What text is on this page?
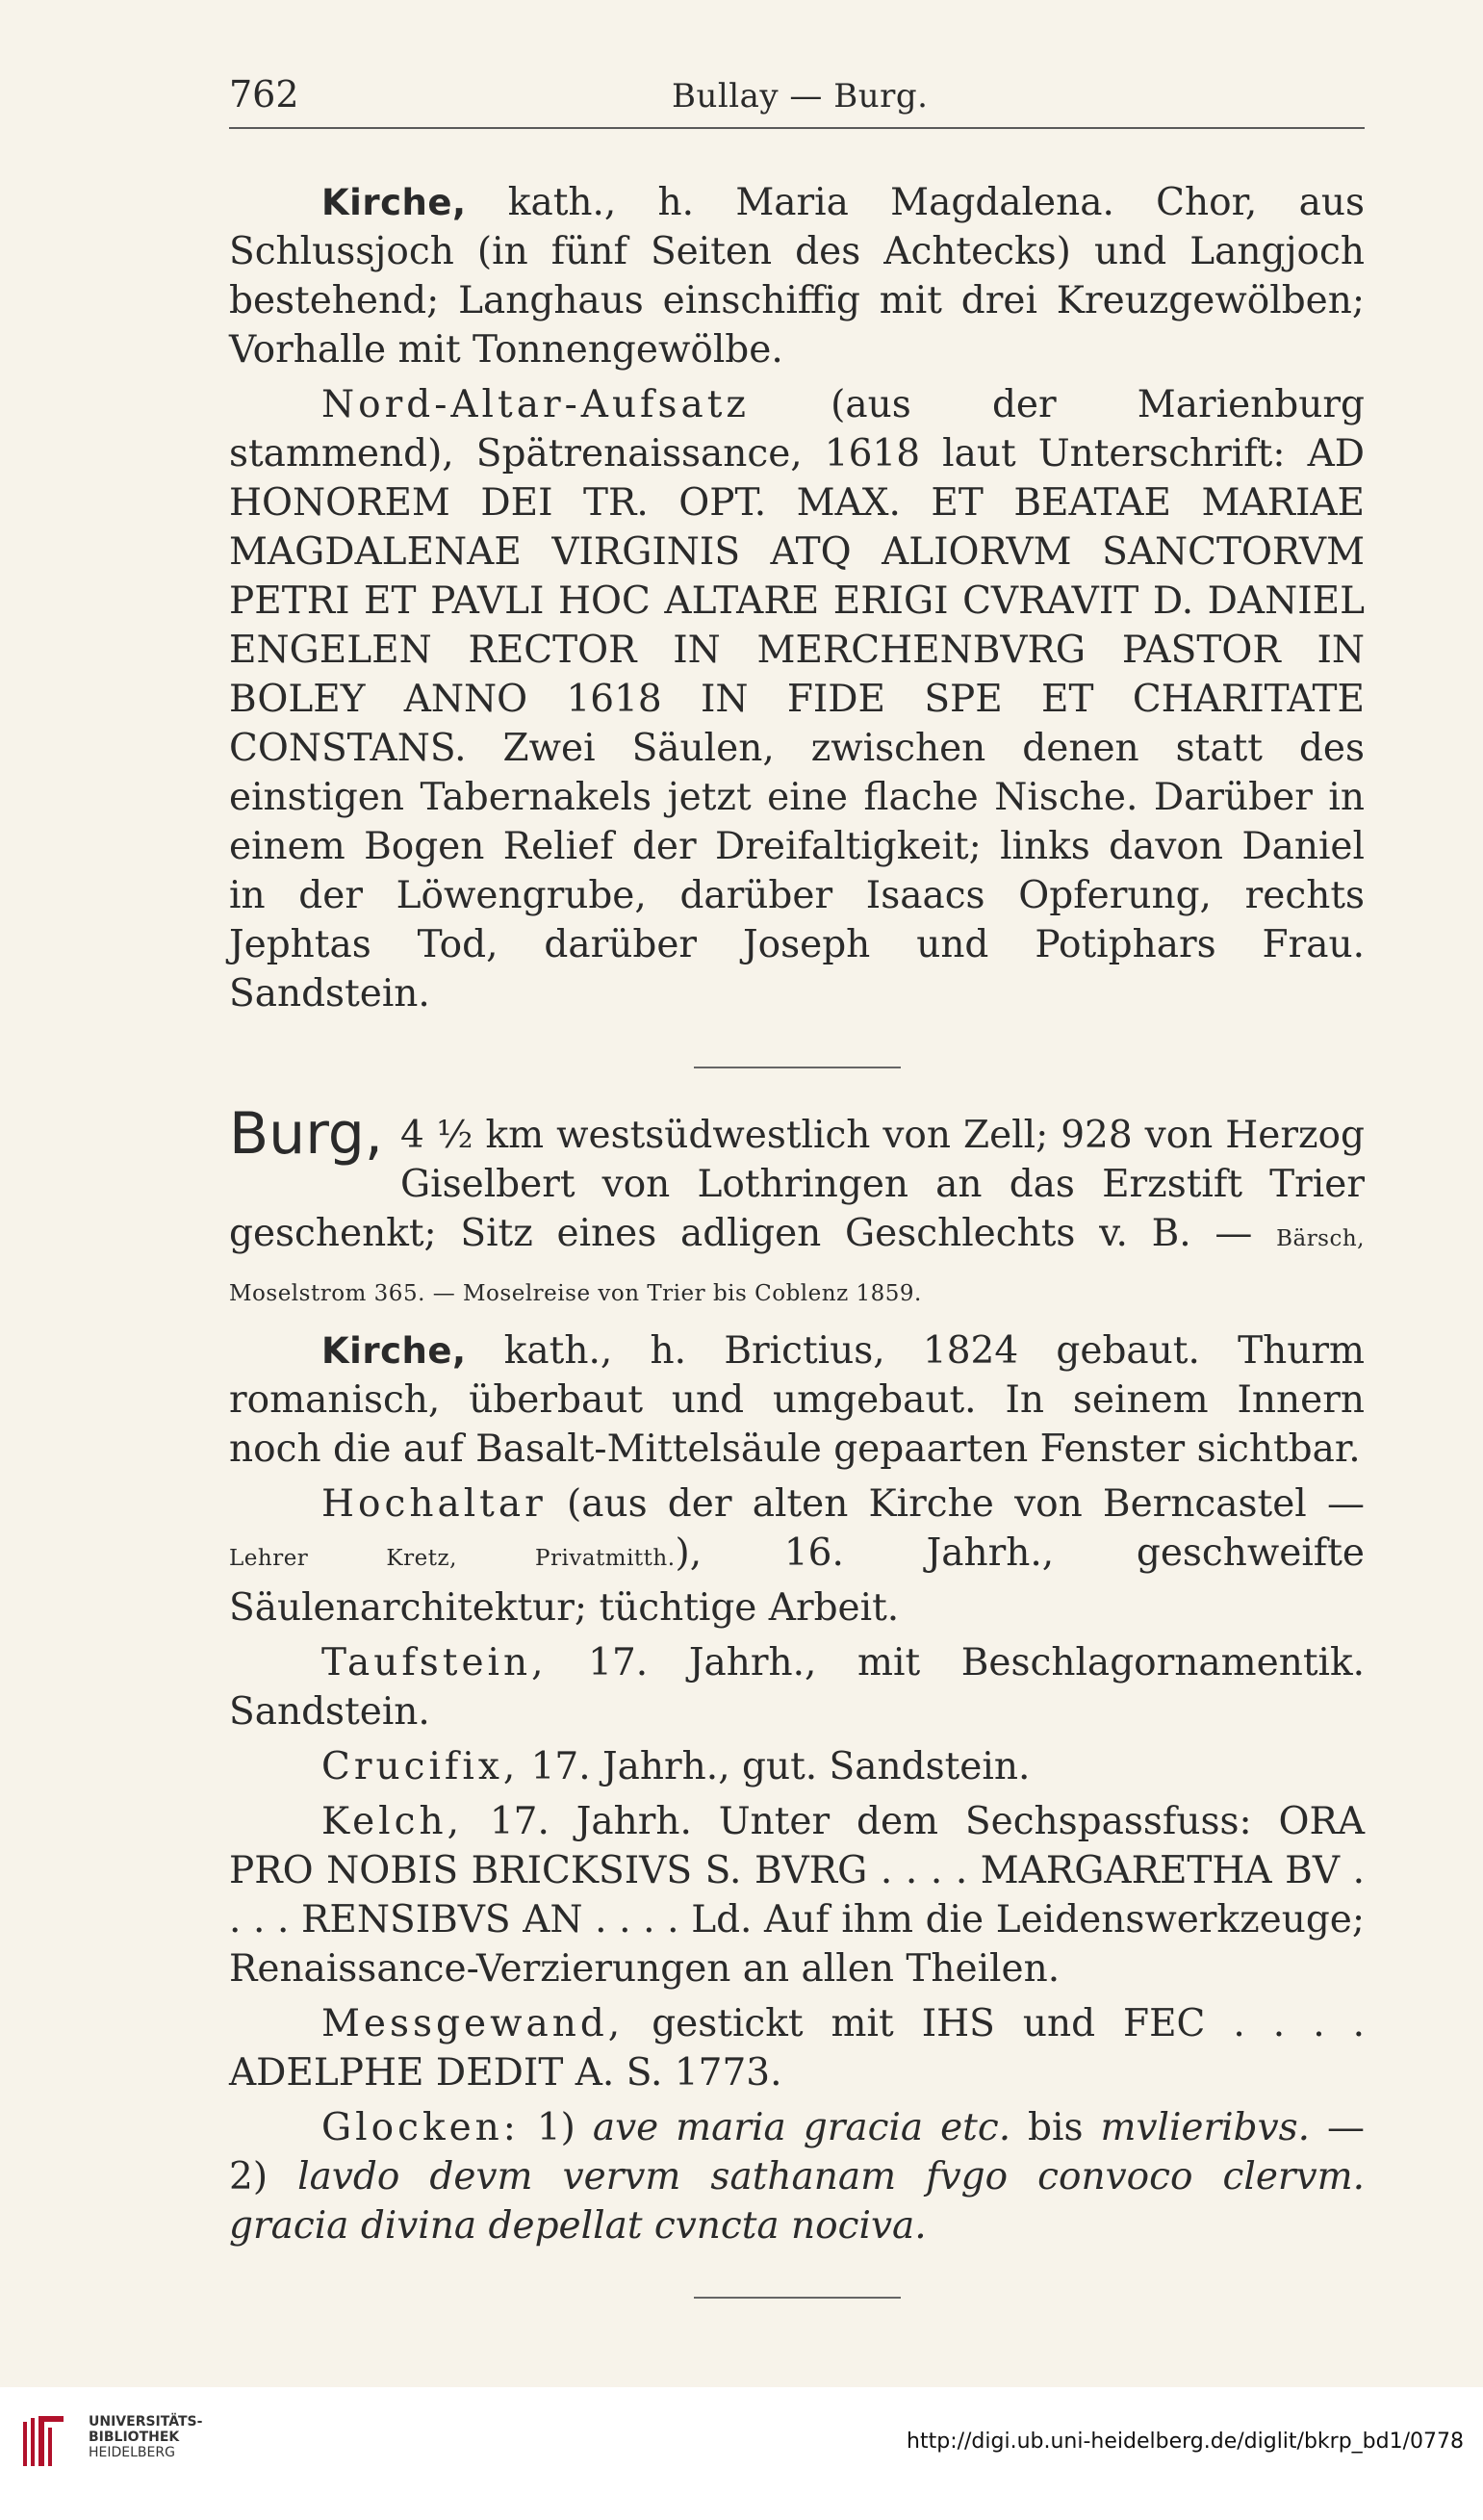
762	Bullay — Burg.

Kirche, kath., h. Maria Magdalena. Chor, aus Schlussjoch (in fünf Seiten des Achtecks) und Langjoch bestehend; Langhaus einschiffig mit drei Kreuzgewölben; Vorhalle mit Tonnengewölbe.

Nord-Altar-Aufsatz (aus der Marienburg stammend), Spätrenaissance, 1618 laut Unterschrift: AD HONOREM DEI TR. OPT. MAX. ET BEATAE MARIAE MAGDALENAE VIRGINIS ATQ ALIORVM SANCTORVM PETRI ET PAVLI HOC ALTARE ERIGI CVRAVIT D. DANIEL ENGELEN RECTOR IN MERCHENBVRG PASTOR IN BOLEY ANNO 1618 IN FIDE SPE ET CHARITATE CONSTANS. Zwei Säulen, zwischen denen statt des einstigen Tabernakels jetzt eine flache Nische. Darüber in einem Bogen Relief der Dreifaltigkeit; links davon Daniel in der Löwengrube, darüber Isaacs Opferung, rechts Jephtas Tod, darüber Joseph und Potiphars Frau. Sandstein.

Burg, 4 ½ km westsüdwestlich von Zell; 928 von Herzog Giselbert von Lothringen an das Erzstift Trier geschenkt; Sitz eines adligen Geschlechts v. B. — Bärsch, Moselstrom 365. — Moselreise von Trier bis Coblenz 1859.

Kirche, kath., h. Brictius, 1824 gebaut. Thurm romanisch, überbaut und umgebaut. In seinem Innern noch die auf Basalt-Mittelsäule gepaarten Fenster sichtbar.

Hochaltar (aus der alten Kirche von Berncastel — Lehrer Kretz, Privatmitth.), 16. Jahrh., geschweifte Säulenarchitektur; tüchtige Arbeit.

Taufstein, 17. Jahrh., mit Beschlagornamentik. Sandstein.

Crucifix, 17. Jahrh., gut. Sandstein.

Kelch, 17. Jahrh. Unter dem Sechspassfuss: ORA PRO NOBIS BRICKSIVS S. BVRG . . . . MARGARETHA BV . . . . RENSIBVS AN . . . . Ld. Auf ihm die Leidenswerkzeuge; Renaissance-Verzierungen an allen Theilen.

Messgewand, gestickt mit IHS und FEC . . . . ADELPHE DEDIT A. S. 1773.

Glocken: 1) ave maria gracia etc. bis mvlieribvs. — 2) lavdo devm vervm sathanam fvgo convoco clervm. gracia divina depellat cvncta nociva.

UNIVERSITÄTS-
BIBLIOTHEK
HEIDELBERG	http://digi.ub.uni-heidelberg.de/diglit/bkrp_bd1/0778
